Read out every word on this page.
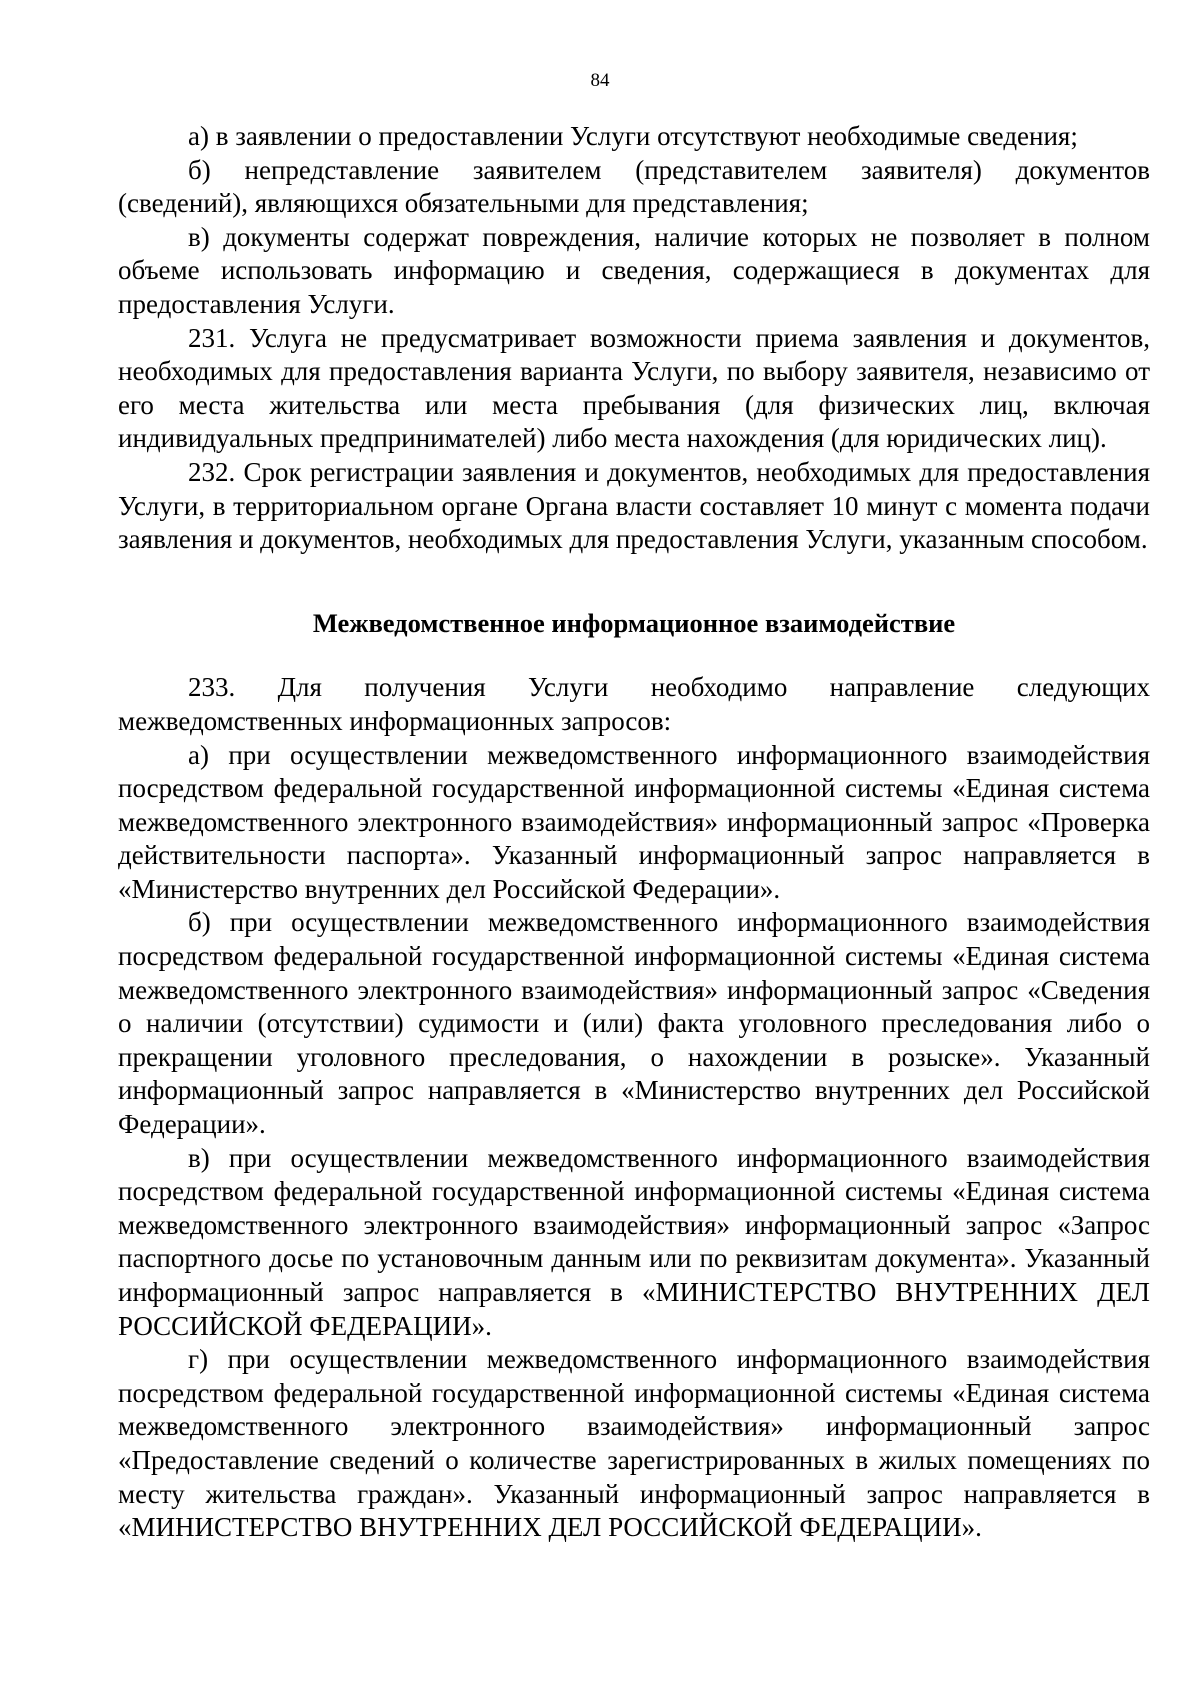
84

а) в заявлении о предоставлении Услуги отсутствуют необходимые сведения;

б) непредставление заявителем (представителем заявителя) документов (сведений), являющихся обязательными для представления;

в) документы содержат повреждения, наличие которых не позволяет в полном объеме использовать информацию и сведения, содержащиеся в документах для предоставления Услуги.

231. Услуга не предусматривает возможности приема заявления и документов, необходимых для предоставления варианта Услуги, по выбору заявителя, независимо от его места жительства или места пребывания (для физических лиц, включая индивидуальных предпринимателей) либо места нахождения (для юридических лиц).

232. Срок регистрации заявления и документов, необходимых для предоставления Услуги, в территориальном органе Органа власти составляет 10 минут с момента подачи заявления и документов, необходимых для предоставления Услуги, указанным способом.

Межведомственное информационное взаимодействие

233. Для получения Услуги необходимо направление следующих межведомственных информационных запросов:

а) при осуществлении межведомственного информационного взаимодействия посредством федеральной государственной информационной системы «Единая система межведомственного электронного взаимодействия» информационный запрос «Проверка действительности паспорта». Указанный информационный запрос направляется в «Министерство внутренних дел Российской Федерации».

б) при осуществлении межведомственного информационного взаимодействия посредством федеральной государственной информационной системы «Единая система межведомственного электронного взаимодействия» информационный запрос «Сведения о наличии (отсутствии) судимости и (или) факта уголовного преследования либо о прекращении уголовного преследования, о нахождении в розыске». Указанный информационный запрос направляется в «Министерство внутренних дел Российской Федерации».

в) при осуществлении межведомственного информационного взаимодействия посредством федеральной государственной информационной системы «Единая система межведомственного электронного взаимодействия» информационный запрос «Запрос паспортного досье по установочным данным или по реквизитам документа». Указанный информационный запрос направляется в «МИНИСТЕРСТВО ВНУТРЕННИХ ДЕЛ РОССИЙСКОЙ ФЕДЕРАЦИИ».

г) при осуществлении межведомственного информационного взаимодействия посредством федеральной государственной информационной системы «Единая система межведомственного электронного взаимодействия» информационный запрос «Предоставление сведений о количестве зарегистрированных в жилых помещениях по месту жительства граждан». Указанный информационный запрос направляется в «МИНИСТЕРСТВО ВНУТРЕННИХ ДЕЛ РОССИЙСКОЙ ФЕДЕРАЦИИ».
